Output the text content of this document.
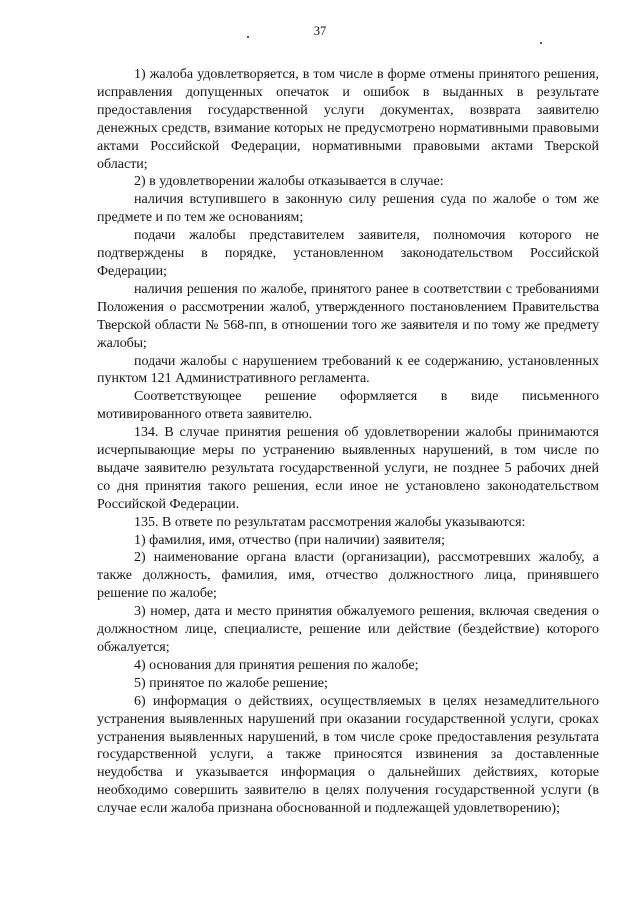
37

1) жалоба удовлетворяется, в том числе в форме отмены принятого решения, исправления допущенных опечаток и ошибок в выданных в результате предоставления государственной услуги документах, возврата заявителю денежных средств, взимание которых не предусмотрено нормативными правовыми актами Российской Федерации, нормативными правовыми актами Тверской области;

2) в удовлетворении жалобы отказывается в случае:

наличия вступившего в законную силу решения суда по жалобе о том же предмете и по тем же основаниям;

подачи жалобы представителем заявителя, полномочия которого не подтверждены в порядке, установленном законодательством Российской Федерации;

наличия решения по жалобе, принятого ранее в соответствии с требованиями Положения о рассмотрении жалоб, утвержденного постановлением Правительства Тверской области № 568-пп, в отношении того же заявителя и по тому же предмету жалобы;

подачи жалобы с нарушением требований к ее содержанию, установленных пунктом 121 Административного регламента.

Соответствующее решение оформляется в виде письменного мотивированного ответа заявителю.

134. В случае принятия решения об удовлетворении жалобы принимаются исчерпывающие меры по устранению выявленных нарушений, в том числе по выдаче заявителю результата государственной услуги, не позднее 5 рабочих дней со дня принятия такого решения, если иное не установлено законодательством Российской Федерации.

135. В ответе по результатам рассмотрения жалобы указываются:

1) фамилия, имя, отчество (при наличии) заявителя;

2) наименование органа власти (организации), рассмотревших жалобу, а также должность, фамилия, имя, отчество должностного лица, принявшего решение по жалобе;

3) номер, дата и место принятия обжалуемого решения, включая сведения о должностном лице, специалисте, решение или действие (бездействие) которого обжалуется;

4) основания для принятия решения по жалобе;

5) принятое по жалобе решение;

6) информация о действиях, осуществляемых в целях незамедлительного устранения выявленных нарушений при оказании государственной услуги, сроках устранения выявленных нарушений, в том числе сроке предоставления результата государственной услуги, а также приносятся извинения за доставленные неудобства и указывается информация о дальнейших действиях, которые необходимо совершить заявителю в целях получения государственной услуги (в случае если жалоба признана обоснованной и подлежащей удовлетворению);
